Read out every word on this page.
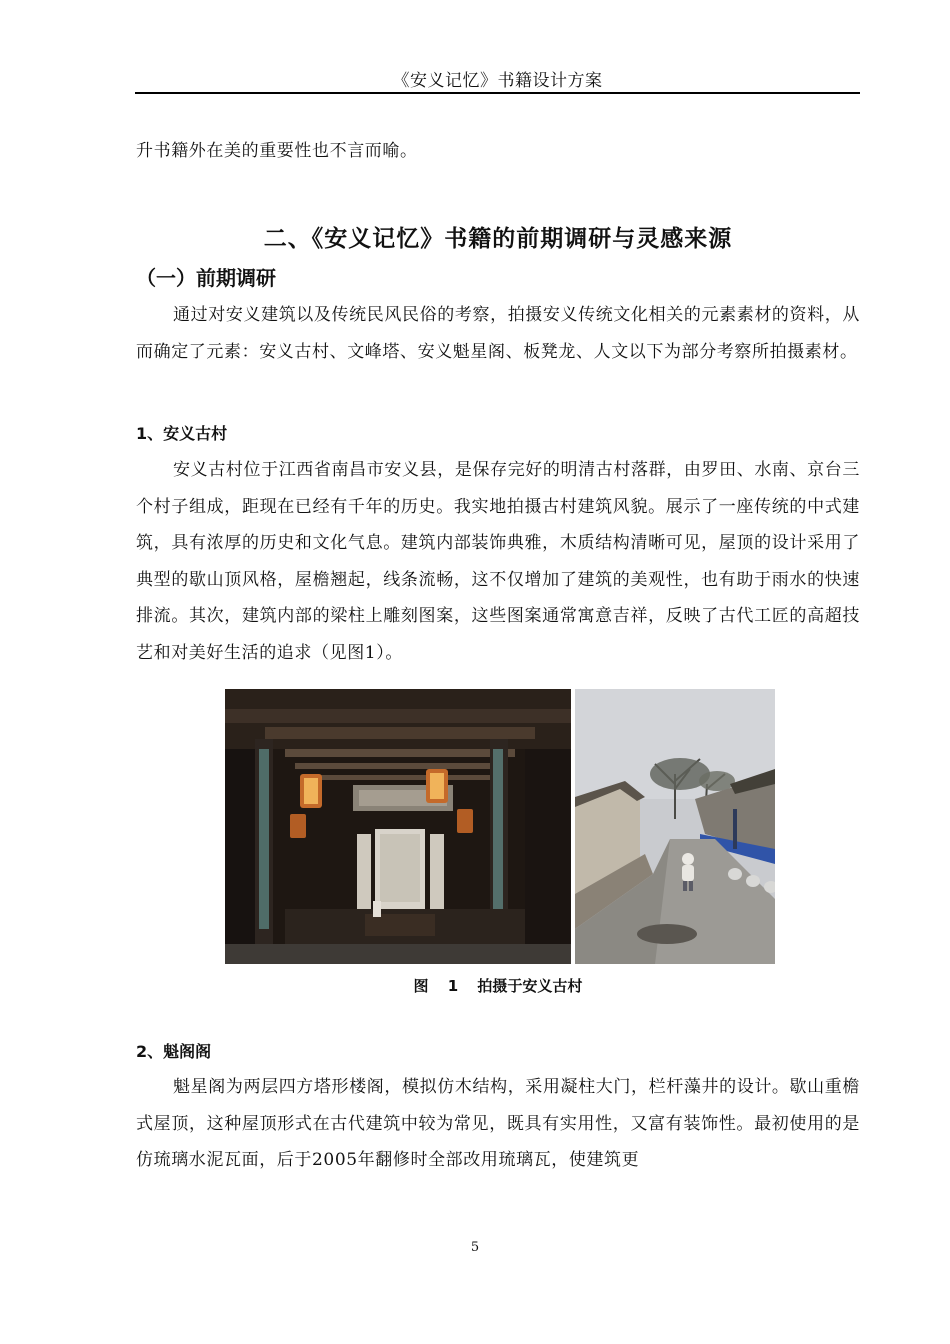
《安义记忆》书籍设计方案
升书籍外在美的重要性也不言而喻。
二、《安义记忆》书籍的前期调研与灵感来源
（一）前期调研
通过对安义建筑以及传统民风民俗的考察，拍摄安义传统文化相关的元素素材的资料，从而确定了元素：安义古村、文峰塔、安义魁星阁、板凳龙、人文以下为部分考察所拍摄素材。
1、安义古村
安义古村位于江西省南昌市安义县，是保存完好的明清古村落群，由罗田、水南、京台三个村子组成，距现在已经有千年的历史。我实地拍摄古村建筑风貌。展示了一座传统的中式建筑，具有浓厚的历史和文化气息。建筑内部装饰典雅，木质结构清晰可见，屋顶的设计采用了典型的歇山顶风格，屋檐翘起，线条流畅，这不仅增加了建筑的美观性，也有助于雨水的快速排流。其次，建筑内部的梁柱上雕刻图案，这些图案通常寓意吉祥，反映了古代工匠的高超技艺和对美好生活的追求（见图1）。
图 1 拍摄于安义古村
2、魁阁阁
魁星阁为两层四方塔形楼阁，模拟仿木结构，采用凝柱大门，栏杆藻井的设计。歇山重檐式屋顶，这种屋顶形式在古代建筑中较为常见，既具有实用性，又富有装饰性。最初使用的是仿琉璃水泥瓦面，后于2005年翻修时全部改用琉璃瓦，使建筑更
5
